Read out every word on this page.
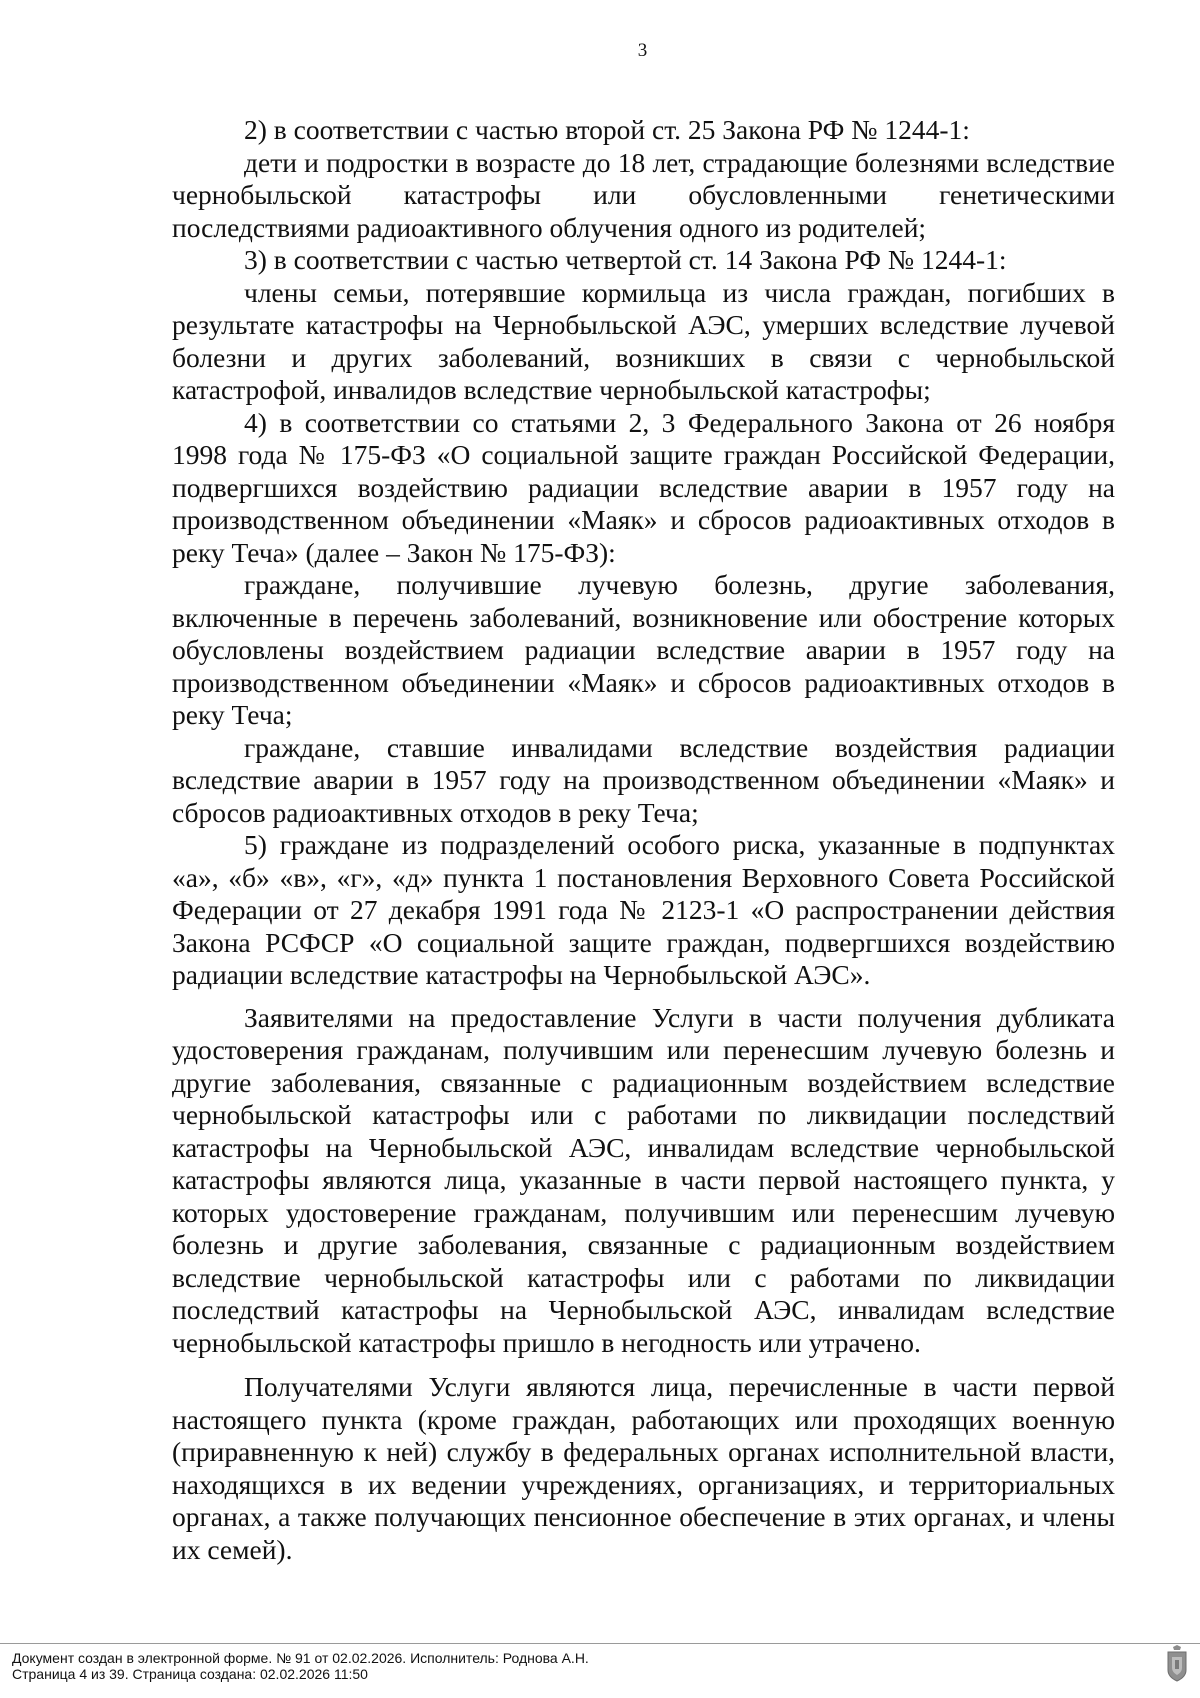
3

2) в соответствии с частью второй ст. 25 Закона РФ № 1244-1:

дети и подростки в возрасте до 18 лет, страдающие болезнями вследствие чернобыльской катастрофы или обусловленными генетическими последствиями радиоактивного облучения одного из родителей;

3) в соответствии с частью четвертой ст. 14 Закона РФ № 1244-1:

члены семьи, потерявшие кормильца из числа граждан, погибших в результате катастрофы на Чернобыльской АЭС, умерших вследствие лучевой болезни и других заболеваний, возникших в связи с чернобыльской катастрофой, инвалидов вследствие чернобыльской катастрофы;

4) в соответствии со статьями 2, 3 Федерального Закона от 26 ноября 1998 года № 175-ФЗ «О социальной защите граждан Российской Федерации, подвергшихся воздействию радиации вследствие аварии в 1957 году на производственном объединении «Маяк» и сбросов радиоактивных отходов в реку Теча» (далее – Закон № 175-ФЗ):

граждане, получившие лучевую болезнь, другие заболевания, включенные в перечень заболеваний, возникновение или обострение которых обусловлены воздействием радиации вследствие аварии в 1957 году на производственном объединении «Маяк» и сбросов радиоактивных отходов в реку Теча;

граждане, ставшие инвалидами вследствие воздействия радиации вследствие аварии в 1957 году на производственном объединении «Маяк» и сбросов радиоактивных отходов в реку Теча;

5) граждане из подразделений особого риска, указанные в подпунктах «а», «б» «в», «г», «д» пункта 1 постановления Верховного Совета Российской Федерации от 27 декабря 1991 года № 2123-1 «О распространении действия Закона РСФСР «О социальной защите граждан, подвергшихся воздействию радиации вследствие катастрофы на Чернобыльской АЭС».

Заявителями на предоставление Услуги в части получения дубликата удостоверения гражданам, получившим или перенесшим лучевую болезнь и другие заболевания, связанные с радиационным воздействием вследствие чернобыльской катастрофы или с работами по ликвидации последствий катастрофы на Чернобыльской АЭС, инвалидам вследствие чернобыльской катастрофы являются лица, указанные в части первой настоящего пункта, у которых удостоверение гражданам, получившим или перенесшим лучевую болезнь и другие заболевания, связанные с радиационным воздействием вследствие чернобыльской катастрофы или с работами по ликвидации последствий катастрофы на Чернобыльской АЭС, инвалидам вследствие чернобыльской катастрофы пришло в негодность или утрачено.

Получателями Услуги являются лица, перечисленные в части первой настоящего пункта (кроме граждан, работающих или проходящих военную (приравненную к ней) службу в федеральных органах исполнительной власти, находящихся в их ведении учреждениях, организациях, и территориальных органах, а также получающих пенсионное обеспечение в этих органах, и члены их семей).

Документ создан в электронной форме. № 91 от 02.02.2026. Исполнитель: Роднова А.Н.
Страница 4 из 39. Страница создана: 02.02.2026 11:50
